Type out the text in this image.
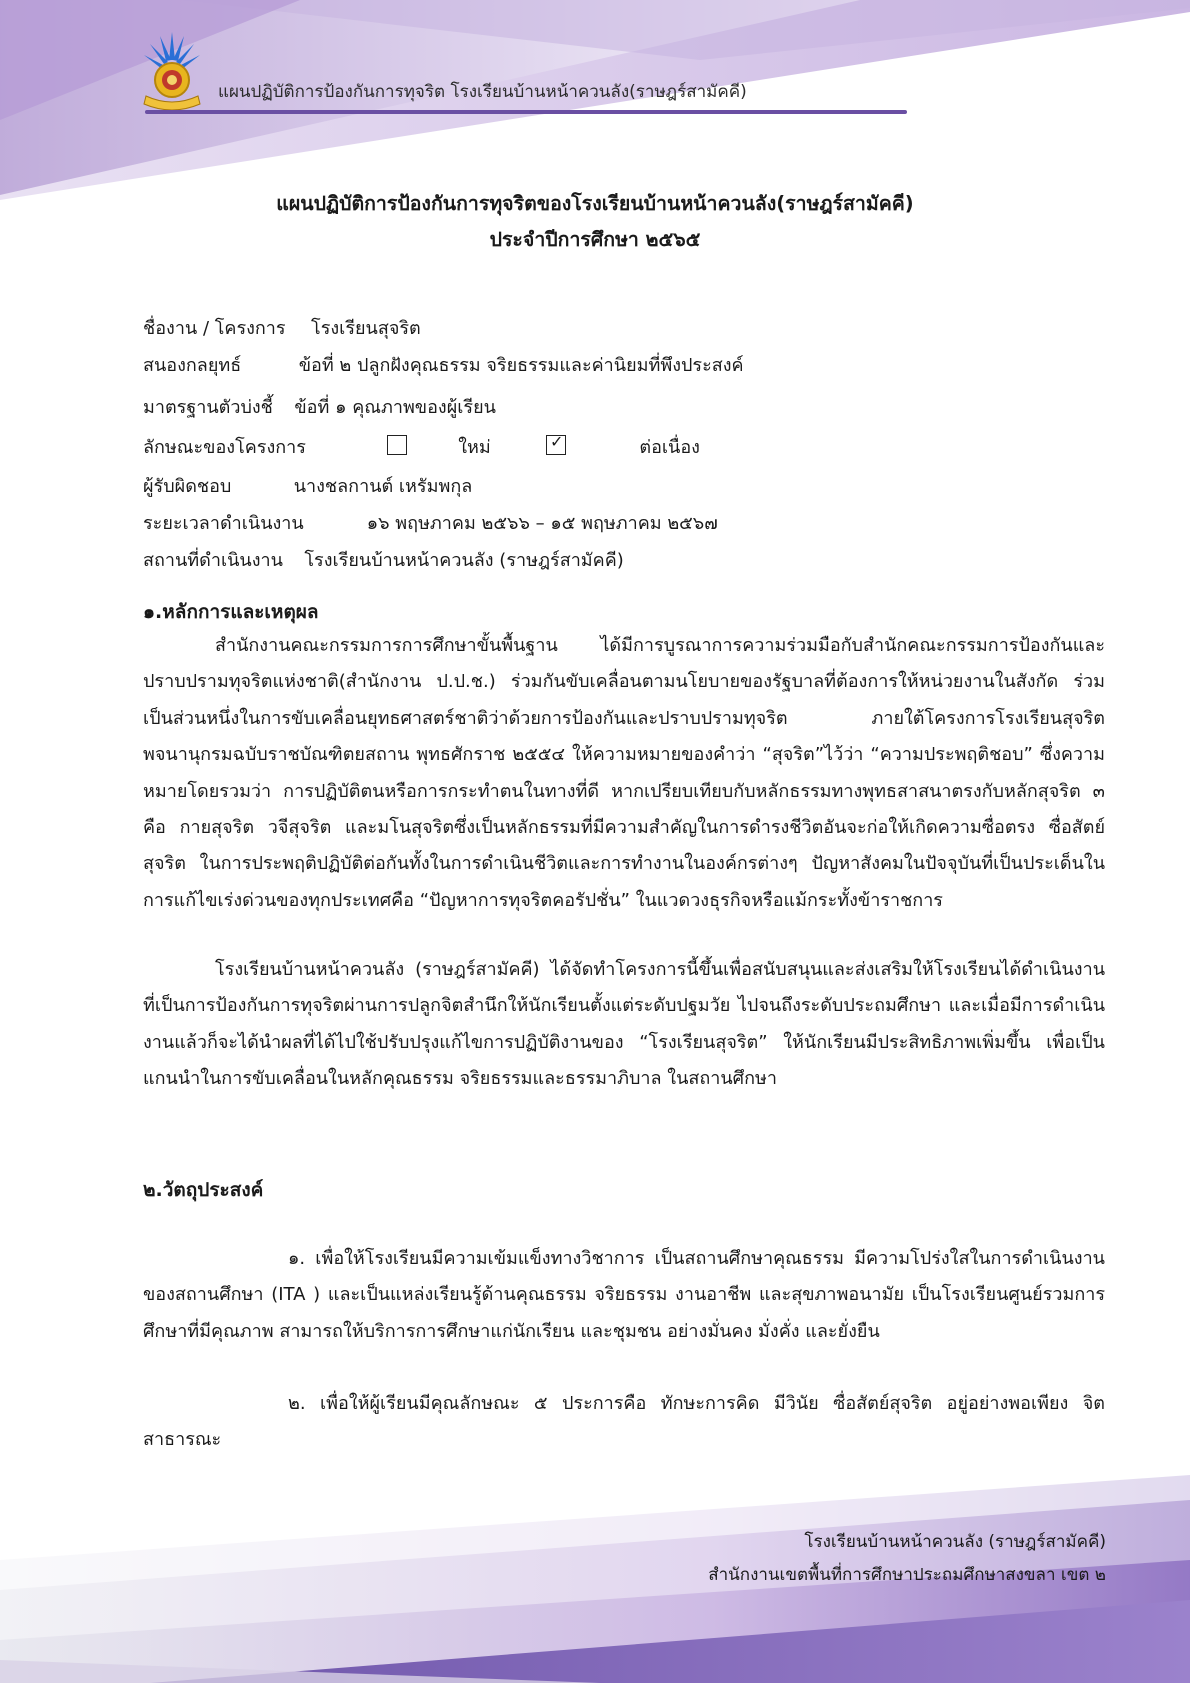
แผนปฏิบัติการป้องกันการทุจริต โรงเรียนบ้านหน้าควนลัง(ราษฎร์สามัคคี)
แผนปฏิบัติการป้องกันการทุจริตของโรงเรียนบ้านหน้าควนลัง(ราษฎร์สามัคคี)
ประจำปีการศึกษา ๒๕๖๕
ชื่องาน / โครงการ โรงเรียนสุจริต
สนองกลยุทธ์	ข้อที่ ๒ ปลูกฝังคุณธรรม จริยธรรมและค่านิยมที่พึงประสงค์
มาตรฐานตัวบ่งชี้ ข้อที่ ๑ คุณภาพของผู้เรียน
ลักษณะของโครงการ	ใหม่	✓	ต่อเนื่อง
ผู้รับผิดชอบ	นางชลกานต์ เหรัมพกุล
ระยะเวลาดำเนินงาน	๑๖ พฤษภาคม ๒๕๖๖ – ๑๕ พฤษภาคม ๒๕๖๗
สถานที่ดำเนินงาน โรงเรียนบ้านหน้าควนลัง (ราษฎร์สามัคคี)
๑.หลักการและเหตุผล
สำนักงานคณะกรรมการการศึกษาขั้นพื้นฐาน ได้มีการบูรณาการความร่วมมือกับสำนักคณะกรรมการป้องกันและปราบปรามทุจริตแห่งชาติ(สำนักงาน ป.ป.ช.) ร่วมกันขับเคลื่อนตามนโยบายของรัฐบาลที่ต้องการให้หน่วยงานในสังกัด ร่วมเป็นส่วนหนึ่งในการขับเคลื่อนยุทธศาสตร์ชาติว่าด้วยการป้องกันและปราบปรามทุจริต ภายใต้โครงการโรงเรียนสุจริต พจนานุกรมฉบับราชบัณฑิตยสถาน พุทธศักราช ๒๕๕๔ ให้ความหมายของคำว่า “สุจริต”ไว้ว่า “ความประพฤติชอบ” ซึ่งความหมายโดยรวมว่า การปฏิบัติตนหรือการกระทำตนในทางที่ดี หากเปรียบเทียบกับหลักธรรมทางพุทธสาสนาตรงกับหลักสุจริต ๓ คือ กายสุจริต วจีสุจริต และมโนสุจริตซึ่งเป็นหลักธรรมที่มีความสำคัญในการดำรงชีวิตอันจะก่อให้เกิดความซื่อตรง ซื่อสัตย์ สุจริต ในการประพฤติปฏิบัติต่อกันทั้งในการดำเนินชีวิตและการทำงานในองค์กรต่างๆ ปัญหาสังคมในปัจจุบันที่เป็นประเด็นในการแก้ไขเร่งด่วนของทุกประเทศคือ “ปัญหาการทุจริตคอรัปชั่น” ในแวดวงธุรกิจหรือแม้กระทั้งข้าราชการ
โรงเรียนบ้านหน้าควนลัง (ราษฎร์สามัคคี) ได้จัดทำโครงการนี้ขึ้นเพื่อสนับสนุนและส่งเสริมให้โรงเรียนได้ดำเนินงานที่เป็นการป้องกันการทุจริตผ่านการปลูกจิตสำนึกให้นักเรียนตั้งแต่ระดับปฐมวัย ไปจนถึงระดับประถมศึกษา และเมื่อมีการดำเนินงานแล้วก็จะได้นำผลที่ได้ไปใช้ปรับปรุงแก้ไขการปฏิบัติงานของ “โรงเรียนสุจริต” ให้นักเรียนมีประสิทธิภาพเพิ่มขึ้น เพื่อเป็นแกนนำในการขับเคลื่อนในหลักคุณธรรม จริยธรรมและธรรมาภิบาล ในสถานศึกษา
๒.วัตถุประสงค์
๑. เพื่อให้โรงเรียนมีความเข้มแข็งทางวิชาการ เป็นสถานศึกษาคุณธรรม มีความโปร่งใสในการดำเนินงานของสถานศึกษา (ITA ) และเป็นแหล่งเรียนรู้ด้านคุณธรรม จริยธรรม งานอาชีพ และสุขภาพอนามัย เป็นโรงเรียนศูนย์รวมการศึกษาที่มีคุณภาพ สามารถให้บริการการศึกษาแก่นักเรียน และชุมชน อย่างมั่นคง มั่งคั่ง และยั่งยืน
๒. เพื่อให้ผู้เรียนมีคุณลักษณะ ๕ ประการคือ ทักษะการคิด มีวินัย ซื่อสัตย์สุจริต อยู่อย่างพอเพียง จิตสาธารณะ
โรงเรียนบ้านหน้าควนลัง (ราษฎร์สามัคคี)
สำนักงานเขตพื้นที่การศึกษาประถมศึกษาสงขลา เขต ๒
